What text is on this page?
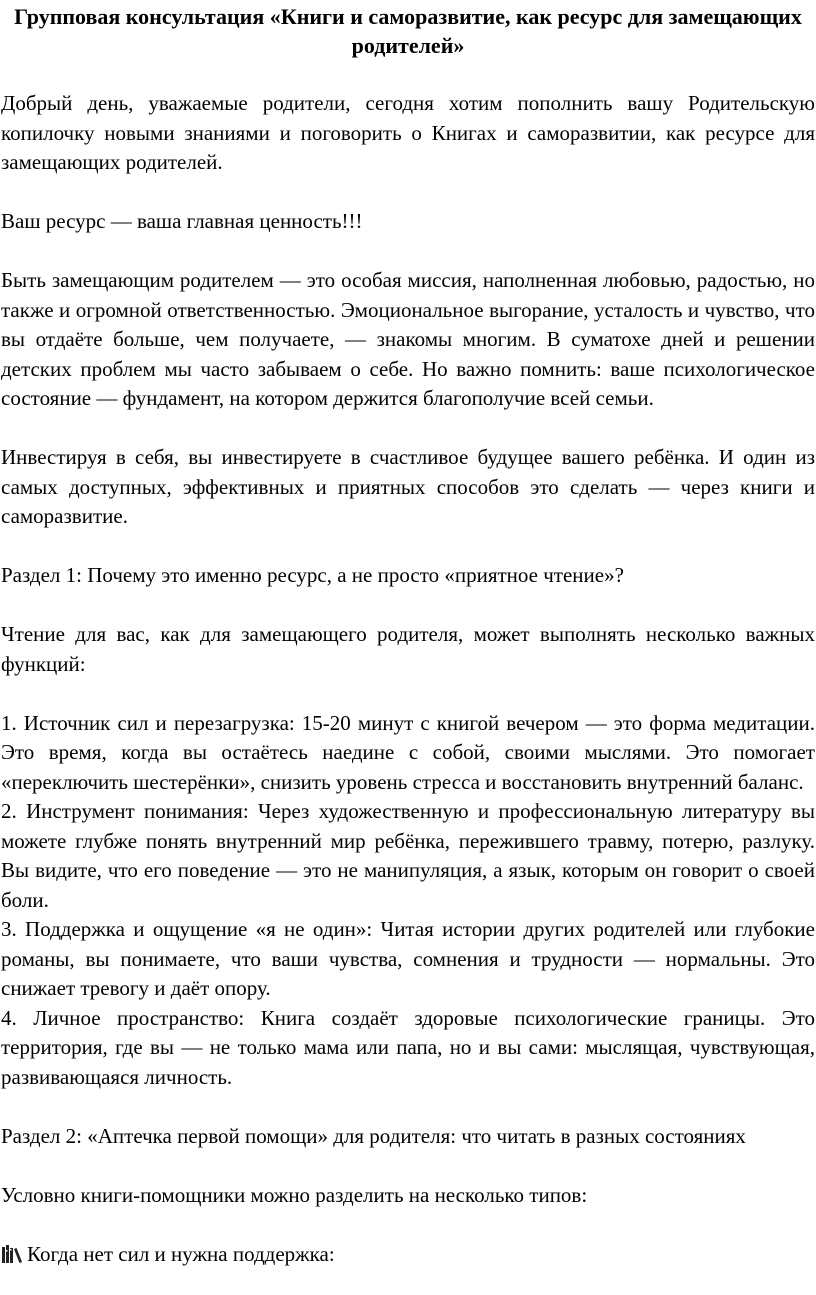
Групповая консультация «Книги и саморазвитие, как ресурс для замещающих родителей»

Добрый день, уважаемые родители, сегодня хотим пополнить вашу Родительскую копилочку новыми знаниями и поговорить о Книгах и саморазвитии, как ресурсе для замещающих родителей.

Ваш ресурс — ваша главная ценность!!!

Быть замещающим родителем — это особая миссия, наполненная любовью, радостью, но также и огромной ответственностью. Эмоциональное выгорание, усталость и чувство, что вы отдаёте больше, чем получаете, — знакомы многим. В суматохе дней и решении детских проблем мы часто забываем о себе. Но важно помнить: ваше психологическое состояние — фундамент, на котором держится благополучие всей семьи.

Инвестируя в себя, вы инвестируете в счастливое будущее вашего ребёнка. И один из самых доступных, эффективных и приятных способов это сделать — через книги и саморазвитие.

Раздел 1: Почему это именно ресурс, а не просто «приятное чтение»?

Чтение для вас, как для замещающего родителя, может выполнять несколько важных функций:

1. Источник сил и перезагрузка: 15-20 минут с книгой вечером — это форма медитации. Это время, когда вы остаётесь наедине с собой, своими мыслями. Это помогает «переключить шестерёнки», снизить уровень стресса и восстановить внутренний баланс.

2. Инструмент понимания: Через художественную и профессиональную литературу вы можете глубже понять внутренний мир ребёнка, пережившего травму, потерю, разлуку. Вы видите, что его поведение — это не манипуляция, а язык, которым он говорит о своей боли.

3. Поддержка и ощущение «я не один»: Читая истории других родителей или глубокие романы, вы понимаете, что ваши чувства, сомнения и трудности — нормальны. Это снижает тревогу и даёт опору.

4. Личное пространство: Книга создаёт здоровые психологические границы. Это территория, где вы — не только мама или папа, но и вы сами: мыслящая, чувствующая, развивающаяся личность.

Раздел 2: «Аптечка первой помощи» для родителя: что читать в разных состояниях

Условно книги-помощники можно разделить на несколько типов:

Когда нет сил и нужна поддержка:
